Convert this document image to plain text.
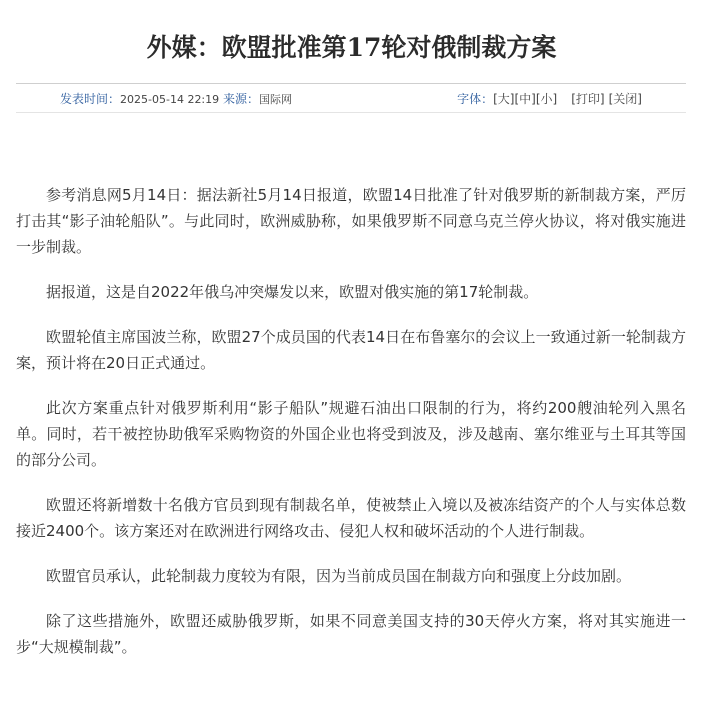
外媒：欧盟批准第17轮对俄制裁方案
发表时间：2025-05-14 22:19 来源：国际网	字体：[大][中][小] [打印] [关闭]

参考消息网5月14日：据法新社5月14日报道，欧盟14日批准了针对俄罗斯的新制裁方案，严厉打击其“影子油轮船队”。与此同时，欧洲威胁称，如果俄罗斯不同意乌克兰停火协议，将对俄实施进一步制裁。

据报道，这是自2022年俄乌冲突爆发以来，欧盟对俄实施的第17轮制裁。

欧盟轮值主席国波兰称，欧盟27个成员国的代表14日在布鲁塞尔的会议上一致通过新一轮制裁方案，预计将在20日正式通过。

此次方案重点针对俄罗斯利用“影子船队”规避石油出口限制的行为，将约200艘油轮列入黑名单。同时，若干被控协助俄军采购物资的外国企业也将受到波及，涉及越南、塞尔维亚与土耳其等国的部分公司。

欧盟还将新增数十名俄方官员到现有制裁名单，使被禁止入境以及被冻结资产的个人与实体总数接近2400个。该方案还对在欧洲进行网络攻击、侵犯人权和破坏活动的个人进行制裁。

欧盟官员承认，此轮制裁力度较为有限，因为当前成员国在制裁方向和强度上分歧加剧。

除了这些措施外，欧盟还威胁俄罗斯，如果不同意美国支持的30天停火方案，将对其实施进一步“大规模制裁”。
